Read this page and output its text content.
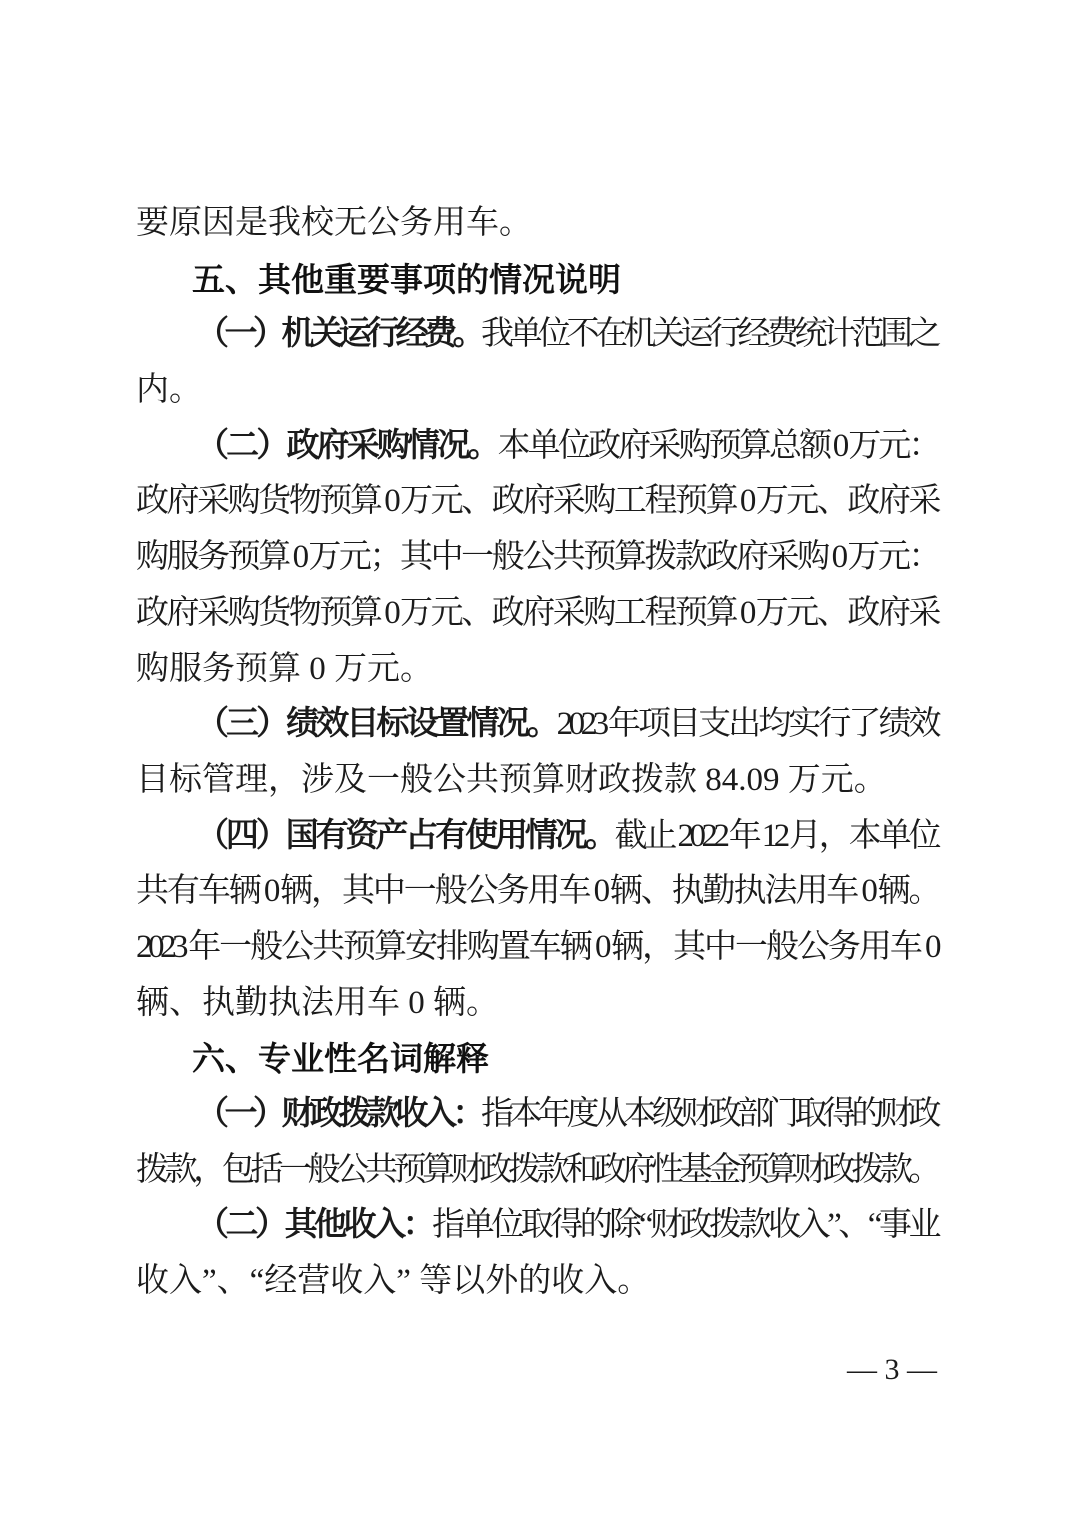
要原因是我校无公务用车。
五、其他重要事项的情况说明
（一）机关运行经费。我单位不在机关运行经费统计范围之
内。
（二）政府采购情况。本单位政府采购预算总额 0 万元：
政府采购货物预算 0 万元、政府采购工程预算 0 万元、政府采
购服务预算 0 万元；其中一般公共预算拨款政府采购 0 万元：
政府采购货物预算 0 万元、政府采购工程预算 0 万元、政府采
购服务预算 0 万元。
（三）绩效目标设置情况。2023 年项目支出均实行了绩效
目标管理，涉及一般公共预算财政拨款 84.09 万元。
（四）国有资产占有使用情况。截止 2022 年 12 月，本单位
共有车辆 0 辆，其中一般公务用车 0 辆、执勤执法用车 0 辆。
2023 年一般公共预算安排购置车辆 0 辆，其中一般公务用车 0
辆、执勤执法用车 0 辆。
六、专业性名词解释
（一）财政拨款收入：指本年度从本级财政部门取得的财政
拨款，包括一般公共预算财政拨款和政府性基金预算财政拨款。
（二）其他收入：指单位取得的除“财政拨款收入”、“事业
收入”、“经营收入” 等以外的收入。
— 3 —
